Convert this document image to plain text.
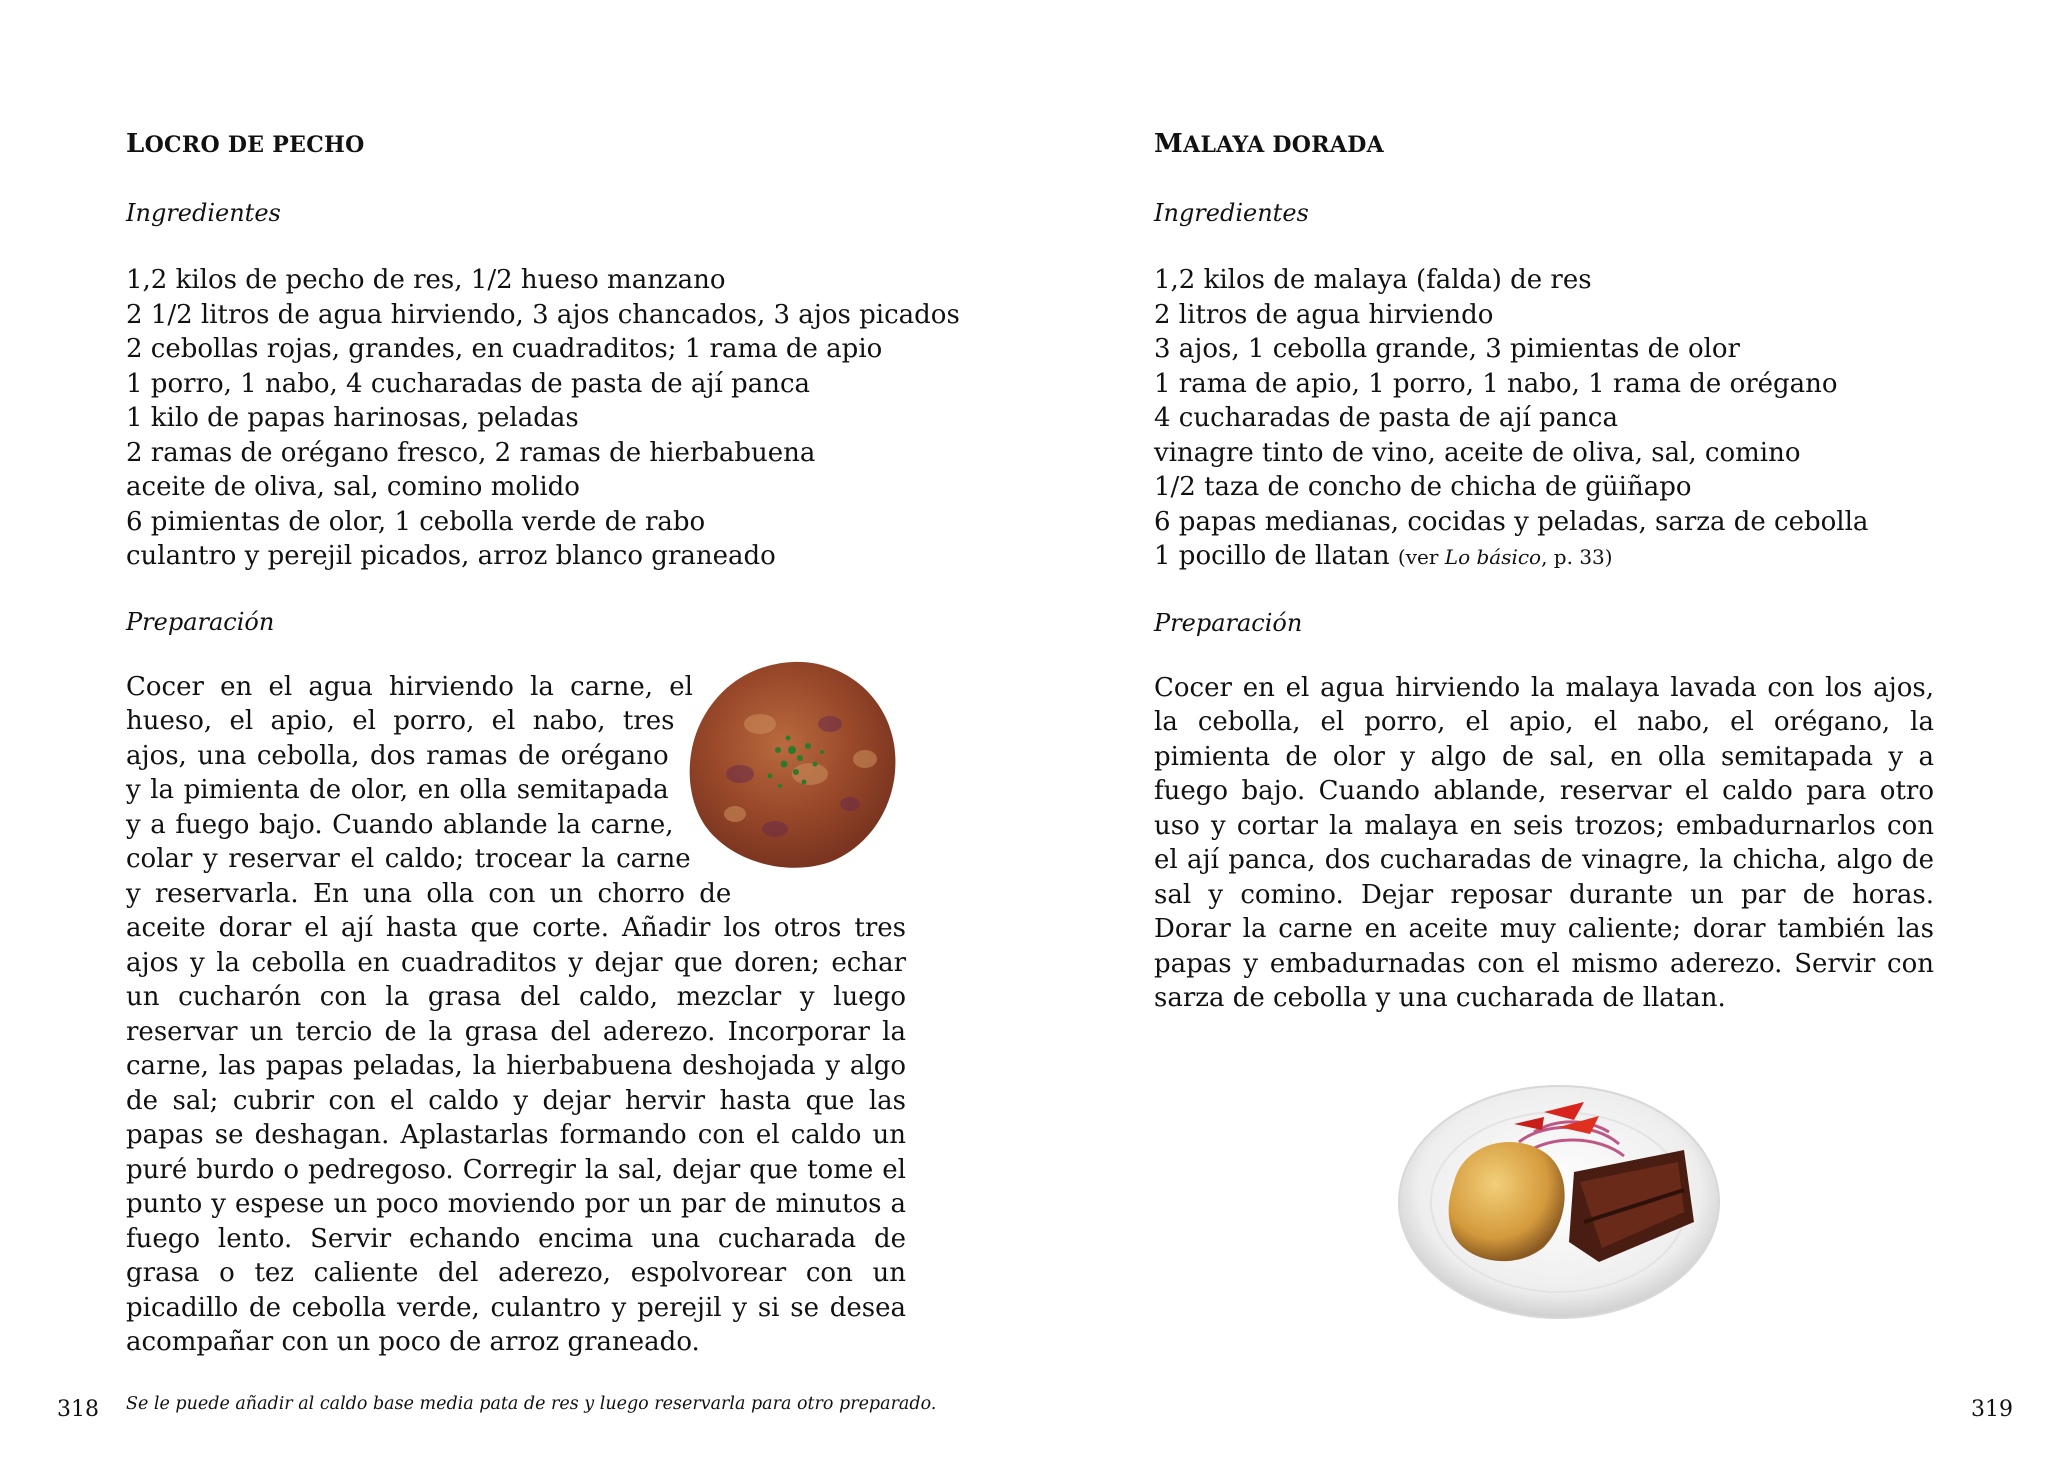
LOCRO DE PECHO
Ingredientes
1,2 kilos de pecho de res, 1/2 hueso manzano
2 1/2 litros de agua hirviendo, 3 ajos chancados, 3 ajos picados
2 cebollas rojas, grandes, en cuadraditos; 1 rama de apio
1 porro, 1 nabo, 4 cucharadas de pasta de ají panca
1 kilo de papas harinosas, peladas
2 ramas de orégano fresco, 2 ramas de hierbabuena
aceite de oliva, sal, comino molido
6 pimientas de olor, 1 cebolla verde de rabo
culantro y perejil picados, arroz blanco graneado
Preparación
Cocer en el agua hirviendo la carne, el hueso, el apio, el porro, el nabo, tres ajos, una cebolla, dos ramas de orégano y la pimienta de olor, en olla semitapada y a fuego bajo. Cuando ablande la carne, colar y reservar el caldo; trocear la carne y reservarla. En una olla con un chorro de aceite dorar el ají hasta que corte. Añadir los otros tres ajos y la cebolla en cuadraditos y dejar que doren; echar un cucharón con la grasa del caldo, mezclar y luego reservar un tercio de la grasa del aderezo. Incorporar la carne, las papas peladas, la hierbabuena deshojada y algo de sal; cubrir con el caldo y dejar hervir hasta que las papas se deshagan. Aplastarlas formando con el caldo un puré burdo o pedregoso. Corregir la sal, dejar que tome el punto y espese un poco moviendo por un par de minutos a fuego lento. Servir echando encima una cucharada de grasa o tez caliente del aderezo, espolvorear con un picadillo de cebolla verde, culantro y perejil y si se desea acompañar con un poco de arroz graneado.
Se le puede añadir al caldo base media pata de res y luego reservarla para otro preparado.
318
MALAYA DORADA
Ingredientes
1,2 kilos de malaya (falda) de res
2 litros de agua hirviendo
3 ajos, 1 cebolla grande, 3 pimientas de olor
1 rama de apio, 1 porro, 1 nabo, 1 rama de orégano
4 cucharadas de pasta de ají panca
vinagre tinto de vino, aceite de oliva, sal, comino
1/2 taza de concho de chicha de güiñapo
6 papas medianas, cocidas y peladas, sarza de cebolla
1 pocillo de llatan (ver Lo básico, p. 33)
Preparación
Cocer en el agua hirviendo la malaya lavada con los ajos, la cebolla, el porro, el apio, el nabo, el orégano, la pimienta de olor y algo de sal, en olla semitapada y a fuego bajo. Cuando ablande, reservar el caldo para otro uso y cortar la malaya en seis trozos; embadurnarlos con el ají panca, dos cucharadas de vinagre, la chicha, algo de sal y comino. Dejar reposar durante un par de horas. Dorar la carne en aceite muy caliente; dorar también las papas y embadurnadas con el mismo aderezo. Servir con sarza de cebolla y una cucharada de llatan.
319
